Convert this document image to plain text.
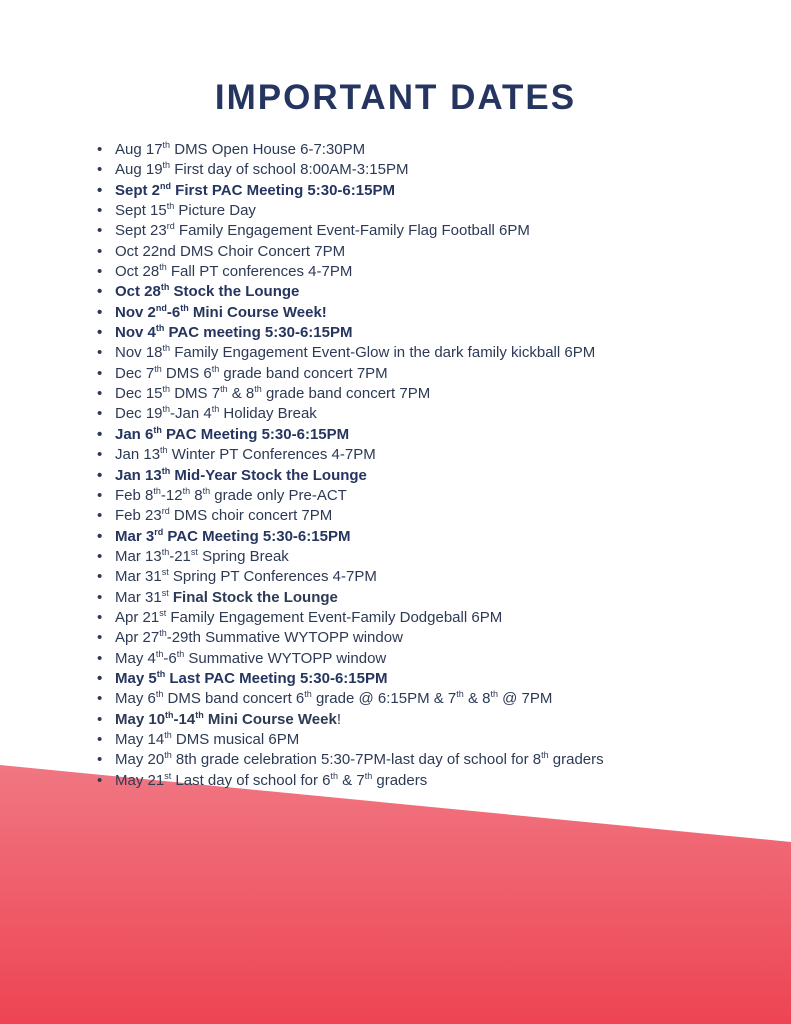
IMPORTANT DATES
• Aug 17th DMS Open House 6-7:30PM
• Aug 19th First day of school 8:00AM-3:15PM
• Sept 2nd First PAC Meeting 5:30-6:15PM
• Sept 15th Picture Day
• Sept 23rd Family Engagement Event-Family Flag Football 6PM
• Oct 22nd DMS Choir Concert 7PM
• Oct 28th Fall PT conferences 4-7PM
• Oct 28th Stock the Lounge
• Nov 2nd-6th Mini Course Week!
• Nov 4th PAC meeting 5:30-6:15PM
• Nov 18th Family Engagement Event-Glow in the dark family kickball 6PM
• Dec 7th DMS 6th grade band concert 7PM
• Dec 15th DMS 7th & 8th grade band concert 7PM
• Dec 19th-Jan 4th Holiday Break
• Jan 6th PAC Meeting 5:30-6:15PM
• Jan 13th Winter PT Conferences 4-7PM
• Jan 13th Mid-Year Stock the Lounge
• Feb 8th-12th 8th grade only Pre-ACT
• Feb 23rd DMS choir concert 7PM
• Mar 3rd PAC Meeting 5:30-6:15PM
• Mar 13th-21st Spring Break
• Mar 31st Spring PT Conferences 4-7PM
• Mar 31st Final Stock the Lounge
• Apr 21st Family Engagement Event-Family Dodgeball 6PM
• Apr 27th-29th Summative WYTOPP window
• May 4th-6th Summative WYTOPP window
• May 5th Last PAC Meeting 5:30-6:15PM
• May 6th DMS band concert 6th grade @ 6:15PM & 7th & 8th @ 7PM
• May 10th-14th Mini Course Week!
• May 14th DMS musical 6PM
• May 20th 8th grade celebration 5:30-7PM-last day of school for 8th graders
• May 21st Last day of school for 6th & 7th graders
